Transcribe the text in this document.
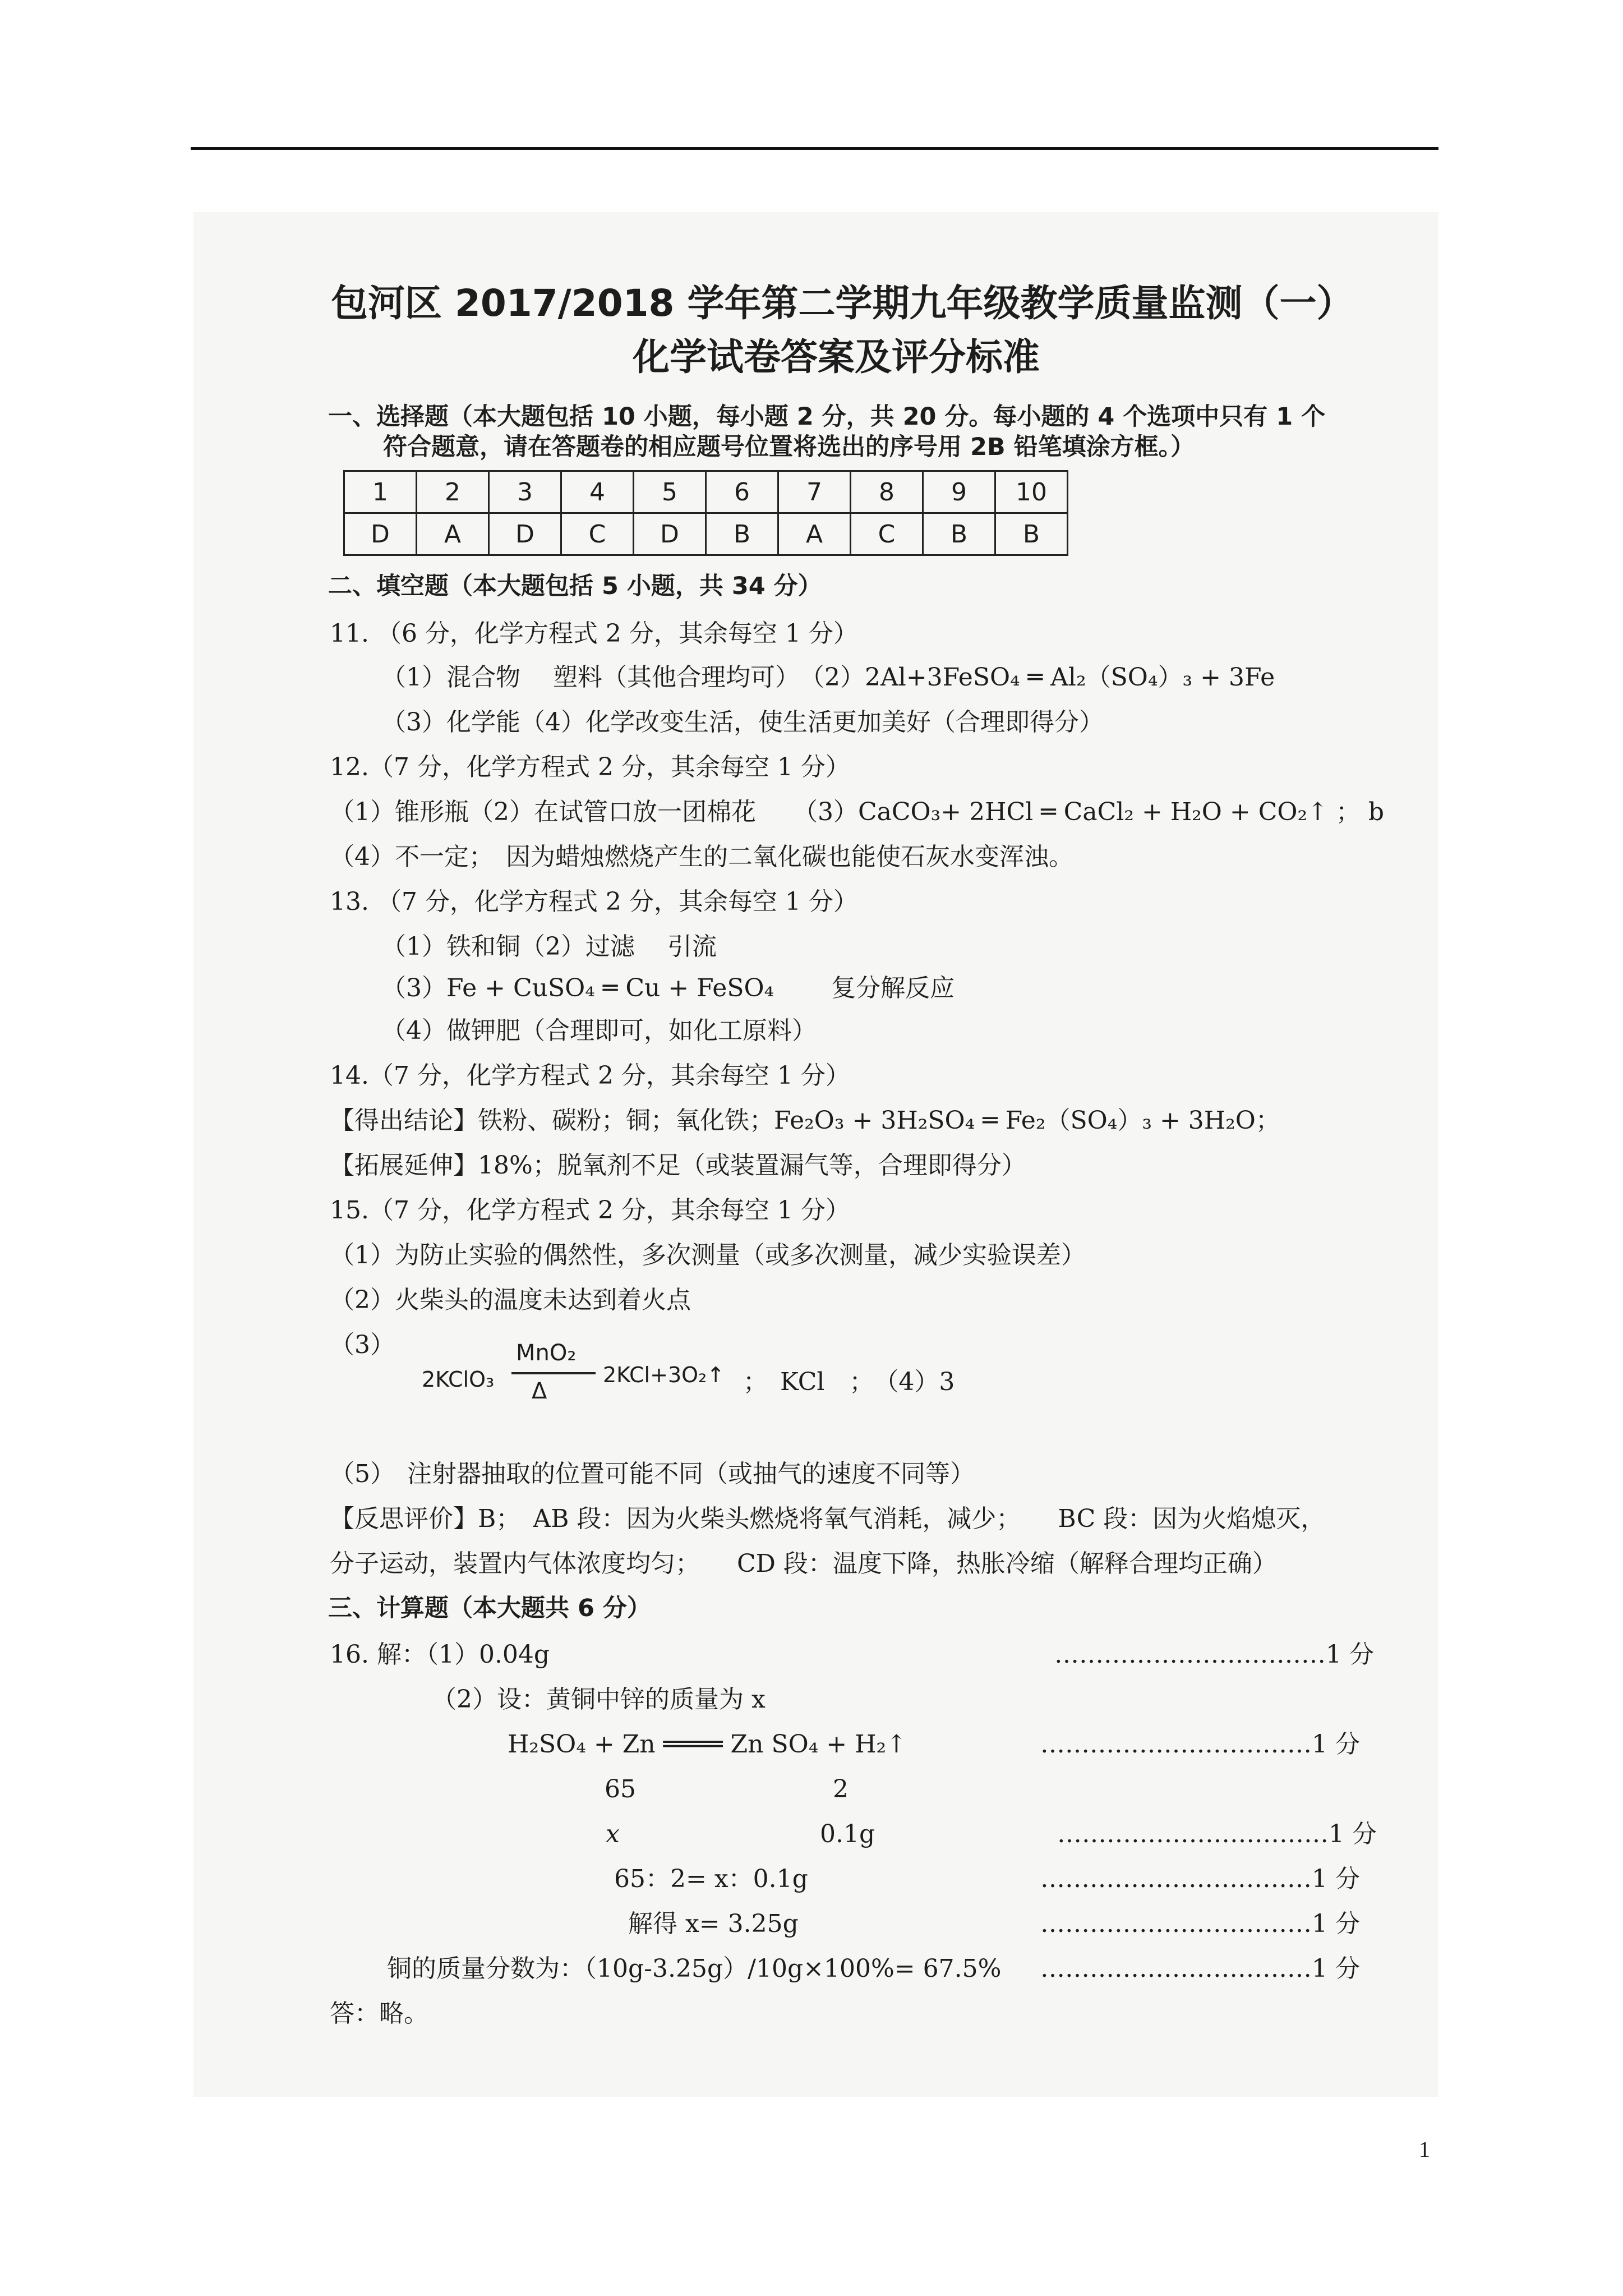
包河区 2017/2018 学年第二学期九年级教学质量监测（一）
化学试卷答案及评分标准
一、选择题（本大题包括 10 小题，每小题 2 分，共 20 分。每小题的 4 个选项中只有 1 个
符合题意，请在答题卷的相应题号位置将选出的序号用 2B 铅笔填涂方框。）
1	2	3	4	5	6	7	8	9	10
D	A	D	C	D	B	A	C	B	B
二、填空题（本大题包括 5 小题，共 34 分）
11. （6 分，化学方程式 2 分，其余每空 1 分）
（1）混合物　 塑料（其他合理均可）　（2）2Al+3FeSO₄ ═ Al₂（SO₄）₃ + 3Fe
（3）化学能（4）化学改变生活，使生活更加美好（合理即得分）
12.（7 分，化学方程式 2 分，其余每空 1 分）
（1）锥形瓶（2）在试管口放一团棉花　　（3）CaCO₃+ 2HCl ═ CaCl₂ + H₂O + CO₂↑ ； b
（4）不一定；　因为蜡烛燃烧产生的二氧化碳也能使石灰水变浑浊。
13. （7 分，化学方程式 2 分，其余每空 1 分）
（1）铁和铜（2）过滤　 引流
（3）Fe + CuSO₄ ═ Cu + FeSO₄　　 复分解反应
（4）做钾肥（合理即可，如化工原料）
14.（7 分，化学方程式 2 分，其余每空 1 分）
【得出结论】铁粉、碳粉；铜；氧化铁；Fe₂O₃ + 3H₂SO₄ ═ Fe₂（SO₄）₃ + 3H₂O；
【拓展延伸】18%；脱氧剂不足（或装置漏气等，合理即得分）
15.（7 分，化学方程式 2 分，其余每空 1 分）
（1）为防止实验的偶然性，多次测量（或多次测量，减少实验误差）
（2）火柴头的温度未达到着火点
（3）
2KClO₃
MnO₂
Δ
2KCl+3O₂↑ ；　KCl　；　（4）3
（5）　注射器抽取的位置可能不同（或抽气的速度不同等）
【反思评价】B；　AB 段：因为火柴头燃烧将氧气消耗，减少；　　BC 段：因为火焰熄灭，
分子运动，装置内气体浓度均匀；　　CD 段：温度下降，热胀冷缩（解释合理均正确）
三、计算题（本大题共 6 分）
16. 解：（1）0.04g	……………………………1 分
（2）设：黄铜中锌的质量为 x
H₂SO₄ + Zn ════ Zn SO₄ + H₂↑	……………………………1 分
65	2
x	0.1g	……………………………1 分
65：2= x：0.1g	……………………………1 分
解得 x= 3.25g	……………………………1 分
铜的质量分数为：（10g-3.25g）/10g×100%= 67.5% ……………………………1 分
答：略。
1
